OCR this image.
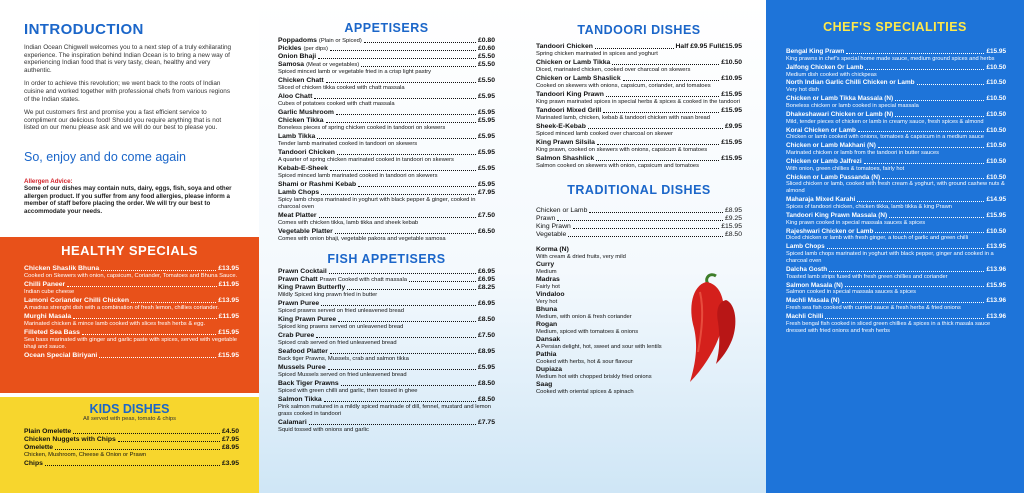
INTRODUCTION

Indian Ocean Chigwell welcomes you to a next step of a truly exhilarating experience. The inspiration behind Indian Ocean is to bring a new way of experiencing Indian food that is very tasty, clean, healthy and very authentic.

In order to achieve this revolution; we went back to the roots of Indian cuisine and worked together with professional chefs from various regions of the Indian states.

We put customers first and promise you a fast efficient service to compliment our delicious food! Should you require anything that is not listed on our menu please ask and we will do our best to please you.

So, enjoy and do come again
Allergen Advice:
Some of our dishes may contain nuts, dairy, eggs, fish, soya and other allergen product. If you suffer from any food allergies, please inform a member of staff before placing the order. We will try our best to accommodate your needs.
HEALTHY SPECIALS
Chicken Shaslik Bhuna	£13.95
Cooked on Skewers with onion, capsicum, Coriander, Tomatoes and Bhuna Sauce.
Chilli Paneer	£11.95
Indian cube cheese
Lamoni Coriander Chilli Chicken	£13.95
A madras strenght dish with a combination of fresh lemon, chillies coriander.
Murghi Masala	£11.95
Marinated chicken & mince lamb cooked with slices fresh herbs & egg.
Filleted Sea Bass	£15.95
Sea bass marinated with ginger and garlic paste with spices, served with vegetable bhaji and sauce.
Ocean Special Biriyani	£15.95
KIDS DISHES
All served with peas, tomato & chips
Plain Omelette	£4.50
Chicken Nuggets with Chips	£7.95
Omelette	£8.95
Chicken, Mushroom, Cheese & Onion or Prawn
Chips	£3.95
APPETISERS
Poppadoms (Plain or Spiced)	£0.80
Pickles (per dips)	£0.60
Onion Bhaji	£5.50
Samosa (Meat or vegetables)	£5.50
Spiced minced lamb or vegetable fried in a crisp light pastry
Chicken Chatt	£5.50
Sliced of chicken tikka cooked with chatt massala
Aloo Chatt	£5.95
Cubes of potatoes cooked with chatt massala
Garlic Mushroom	£5.95
Chicken Tikka	£5.95
Boneless pieces of spring chicken cooked in tandoori on skewers
Lamb Tikka	£5.95
Tender lamb marinated cooked in tandoori on skewers
Tandoori Chicken	£5.95
A quarter of spring chicken marinated cooked in tandoori on skewers
Kebab-E-Sheek	£5.95
Spiced minced lamb marinated cooked in tandoori on skewers
Shami or Rashmi Kebab	£5.95
Lamb Chops	£7.95
Spicy lamb chops marinated in yoghurt with black pepper & ginger, cooked in charcoal oven
Meat Platter	£7.50
Comes with chicken tikka, lamb tikka and sheek kebab
Vegetable Platter	£6.50
Comes with onion bhaji, vegetable pakora and vegetable samosa
FISH APPETISERS
Prawn Cocktail	£6.95
Prawn Chatt Prawn Cooked with chatt massala	£6.95
King Prawn Butterfly	£8.25
Mildly Spiced king prawn fried in butter
Prawn Puree	£6.95
Spiced prawns served on fried unleavened bread
King Prawn Puree	£8.50
Spiced king prawns served on unleavened bread
Crab Puree	£7.50
Spiced crab served on fried unleavened bread
Seafood Platter	£8.95
Back tiger Prawns, Mussels, crab and salmon tikka
Mussels Puree	£5.95
Spiced Mussels served on fried unleavened bread
Back Tiger Prawns	£8.50
Spiced with green chilli and garlic, then tossed in ghee
Salmon Tikka	£8.50
Pink salmon matured in a mildly spiced marinade of dill, fennel, mustard and lemon grass cooked in tandoori
Calamari	£7.75
Squid tossed with onions and garlic
TANDOORI DISHES
Tandoori Chicken	Half £9.95 Full£15.95
Spring chicken marinated in spices and yoghurt
Chicken or Lamb Tikka	£10.50
Diced, marinated chicken, cooked over charcoal on skewers
Chicken or Lamb Shaslick	£10.95
Cooked on skewers with onions, capsicum, coriander, and tomatoes
Tandoori King Prawn	£15.95
King prawn marinated spices in special herbs & spices & cooked in the tandoori
Tandoori Mixed Grill	£15.95
Marinated lamb, chicken, kebab & tandoori chicken with naan bread
Sheek-E-Kebab	£9.95
Spiced minced lamb cooked over charcoal on skewer
King Prawn Silsila	£15.95
King prawn, cooked on skewers with onions, capsicum & tomatoes
Salmon Shashlick	£15.95
Salmon cooked on skewers with onion, capsicum and tomatoes
TRADITIONAL DISHES
Chicken or Lamb	£8.95
Prawn	£9.25
King Prawn	£15.95
Vegetable	£8.50
Korma (N)
With cream & dried fruits, very mild
Curry
Medium
Madras
Fairly hot
Vindaloo
Very hot
Bhuna
Medium, with onion & fresh coriander
Rogan
Medium, spiced with tomatoes & onions
Dansak
A Persian delight, hot, sweet and sour with lentils
Pathia
Cooked with herbs, hot & sour flavour
Dupiaza
Medium hot with chopped briskly fried onions
Saag
Cooked with oriental spices & spinach
CHEF'S SPECIALITIES
Bengal King Prawn	£15.95
King prawns in chef's special home made sauce, medium ground spices and herbs
Jalfong Chicken Or Lamb	£10.50
Medium dish cooked with chickpeas
North Indian Garlic Chilli Chicken or Lamb	£10.50
Very hot dish
Chicken or Lamb Tikka Massala (N)	£10.50
Boneless chicken or lamb cooked in special massala
Dhakeshawari Chicken or Lamb (N)	£10.50
Mild, tender pieces of chicken or lamb in creamy sauce, fresh spices & almond
Korai Chicken or Lamb	£10.50
Chicken or lamb cooked with onions, tomatoes & capsicum in a medium sauce
Chicken or Lamb Makhani (N)	£10.50
Marinated chicken or lamb from the tandoori in butter sauces
Chicken or Lamb Jalfrezi	£10.50
With onion, green chillies & tomatoes, fairly hot
Chicken or Lamb Passanda (N)	£10.50
Sliced chicken or lamb, cooked with fresh cream & yoghurt, with ground cashew nuts & almond
Maharaja Mixed Karahi	£14.95
Spices of tandoori chicken, chicken tikka, lamb tikka & king Prawn
Tandoori King Prawn Massala (N)	£15.95
King prawn cooked in special massala sauces & spices
Rajeshwari Chicken or Lamb	£10.50
Diced chicken or lamb with fresh ginger, a touch of garlic and green chilli
Lamb Chops	£13.95
Spiced lamb chops marinated in yoghurt with black pepper, ginger and cooked in a charcoal oven
Dalcha Gosth	£13.96
Toasted lamb strips fused with fresh green chillies and coriander
Salmon Masala (N)	£15.95
Salmon cooked in special massala sauces & spices
Machli Masala (N)	£13.96
Fresh sea fish cooked with curried sauce & fresh herbs & fried onions
Machli Chilli	£13.96
Fresh bengal fish cooked in sliced green chillies & spices in a thick masala sauce dressed with fried onions and fresh herbs
